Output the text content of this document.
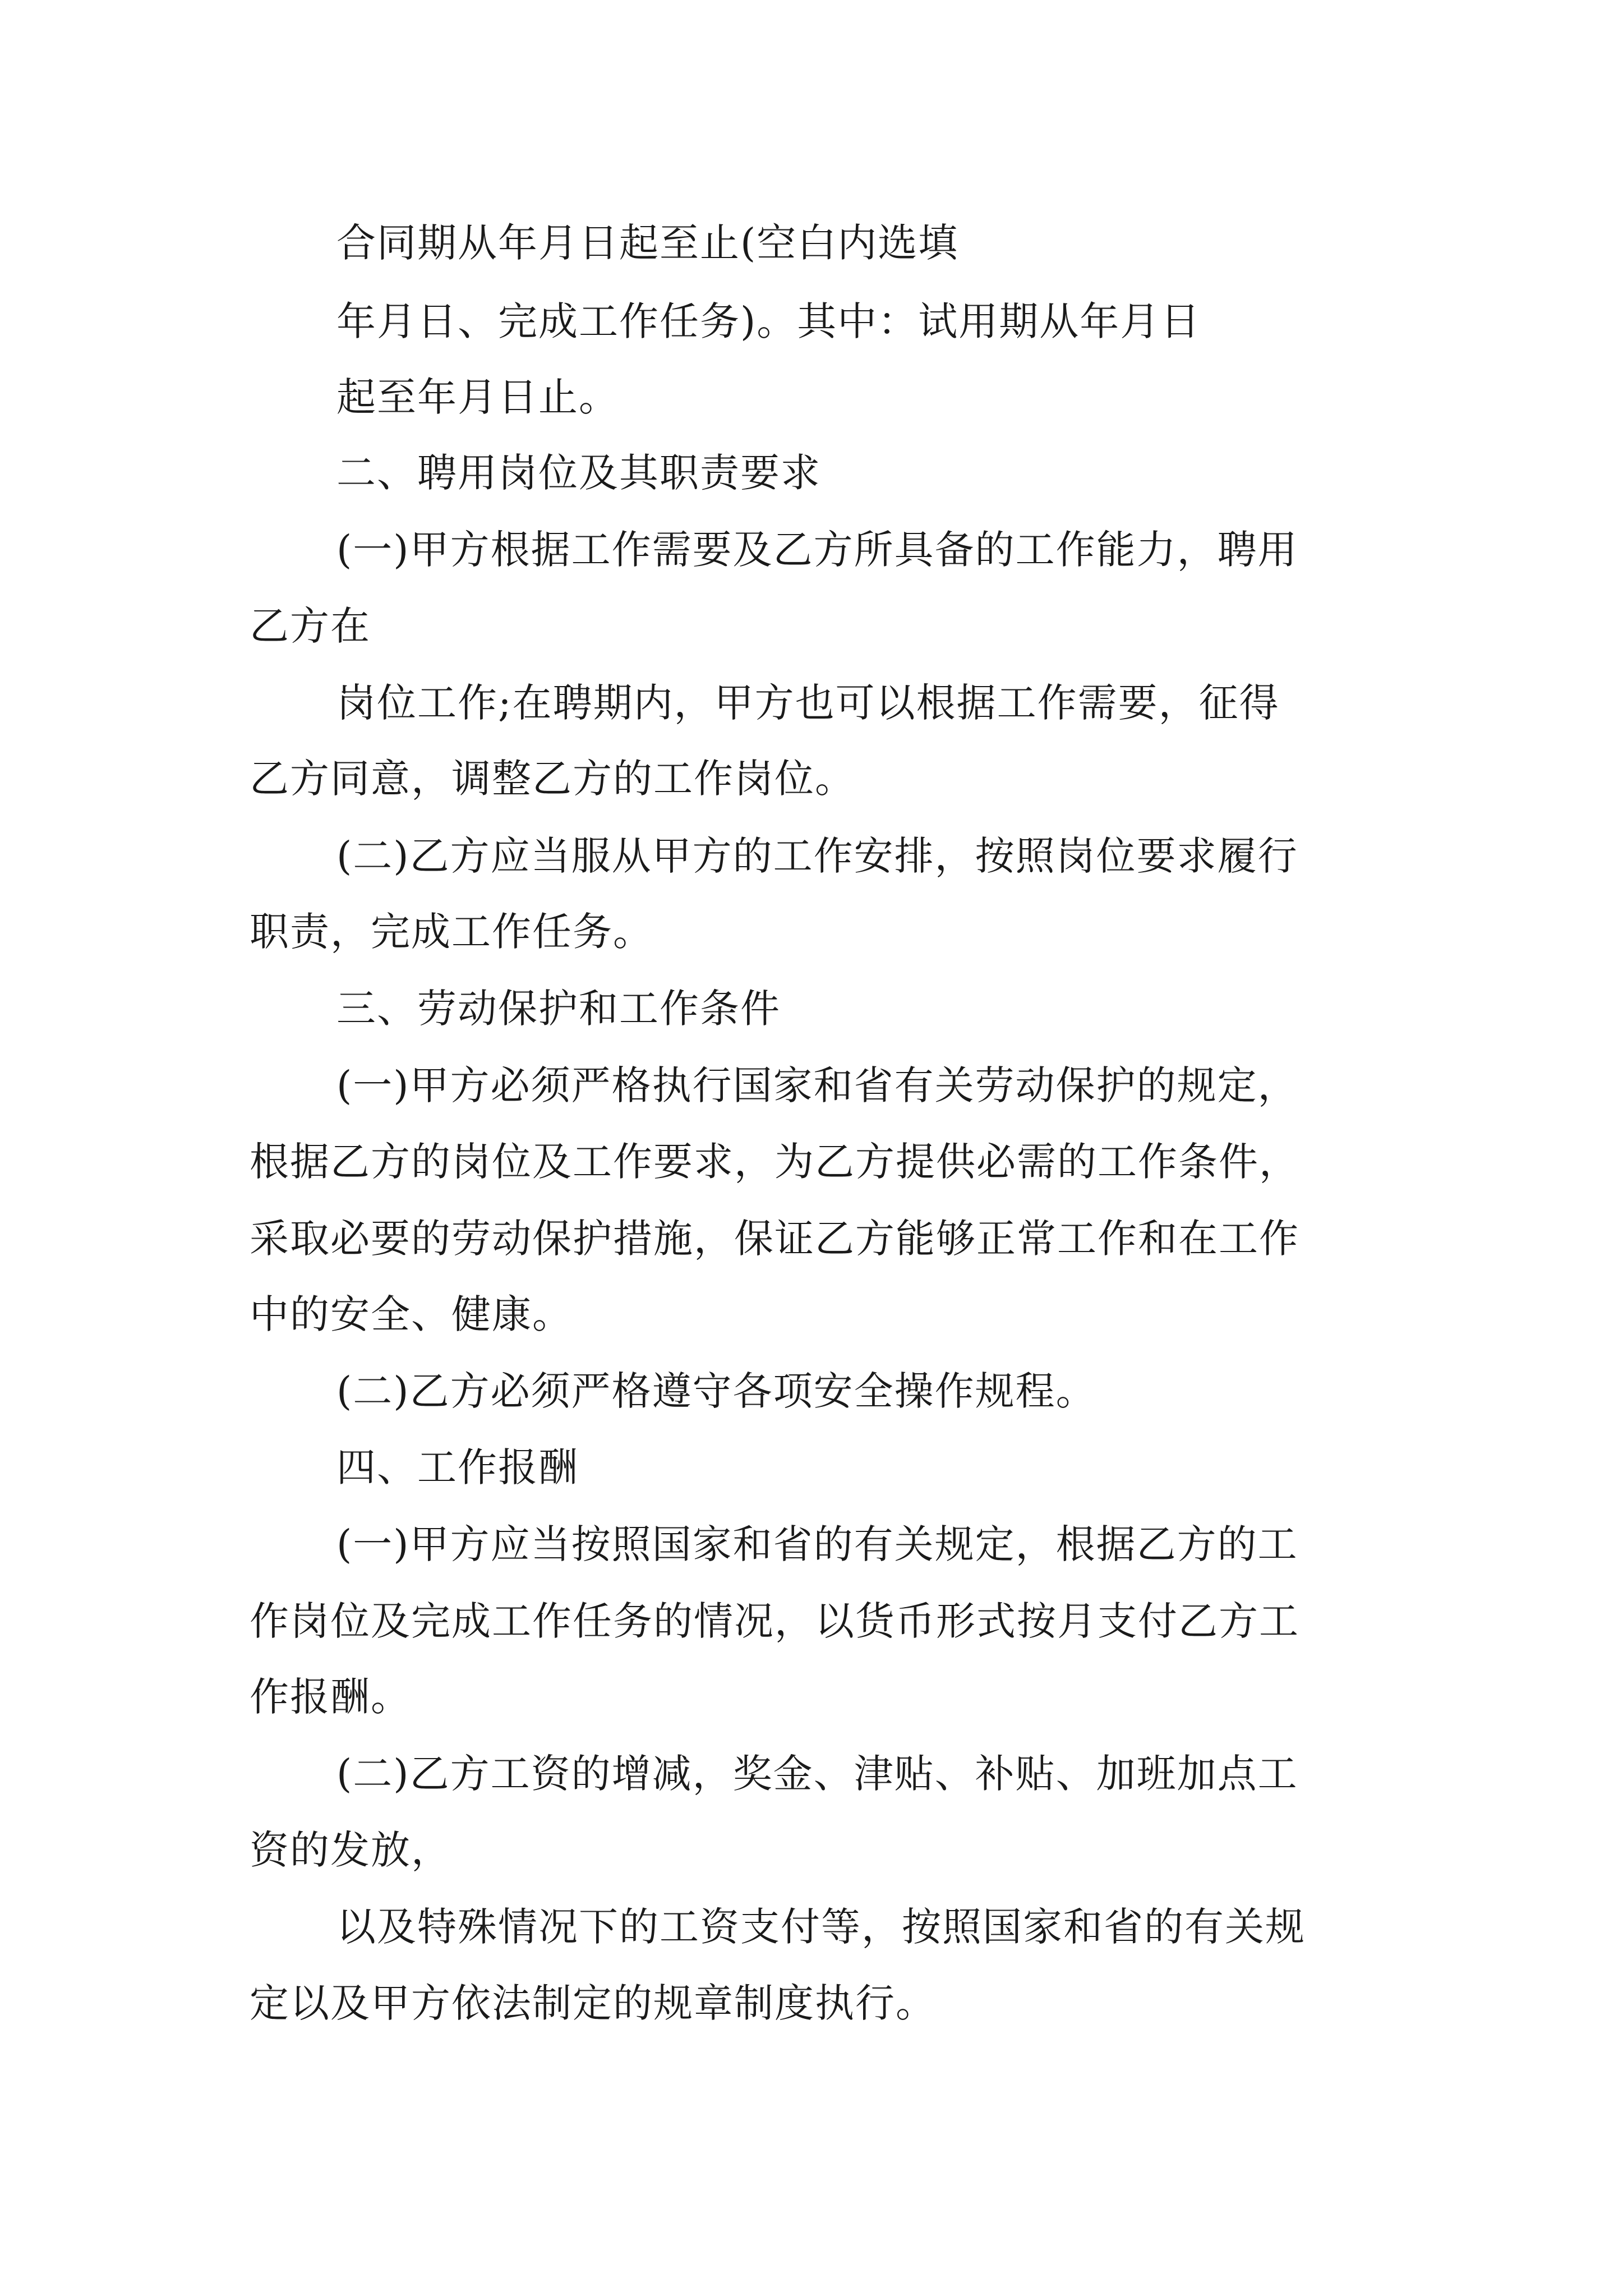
合同期从年月日起至止(空白内选填
年月日、完成工作任务)。其中：试用期从年月日
起至年月日止。
二、聘用岗位及其职责要求
(一)甲方根据工作需要及乙方所具备的工作能力，聘用
乙方在
岗位工作;在聘期内，甲方也可以根据工作需要，征得
乙方同意，调整乙方的工作岗位。
(二)乙方应当服从甲方的工作安排，按照岗位要求履行
职责，完成工作任务。
三、劳动保护和工作条件
(一)甲方必须严格执行国家和省有关劳动保护的规定，
根据乙方的岗位及工作要求，为乙方提供必需的工作条件，
采取必要的劳动保护措施，保证乙方能够正常工作和在工作
中的安全、健康。
(二)乙方必须严格遵守各项安全操作规程。
四、工作报酬
(一)甲方应当按照国家和省的有关规定，根据乙方的工
作岗位及完成工作任务的情况，以货币形式按月支付乙方工
作报酬。
(二)乙方工资的增减，奖金、津贴、补贴、加班加点工
资的发放，
以及特殊情况下的工资支付等，按照国家和省的有关规
定以及甲方依法制定的规章制度执行。
